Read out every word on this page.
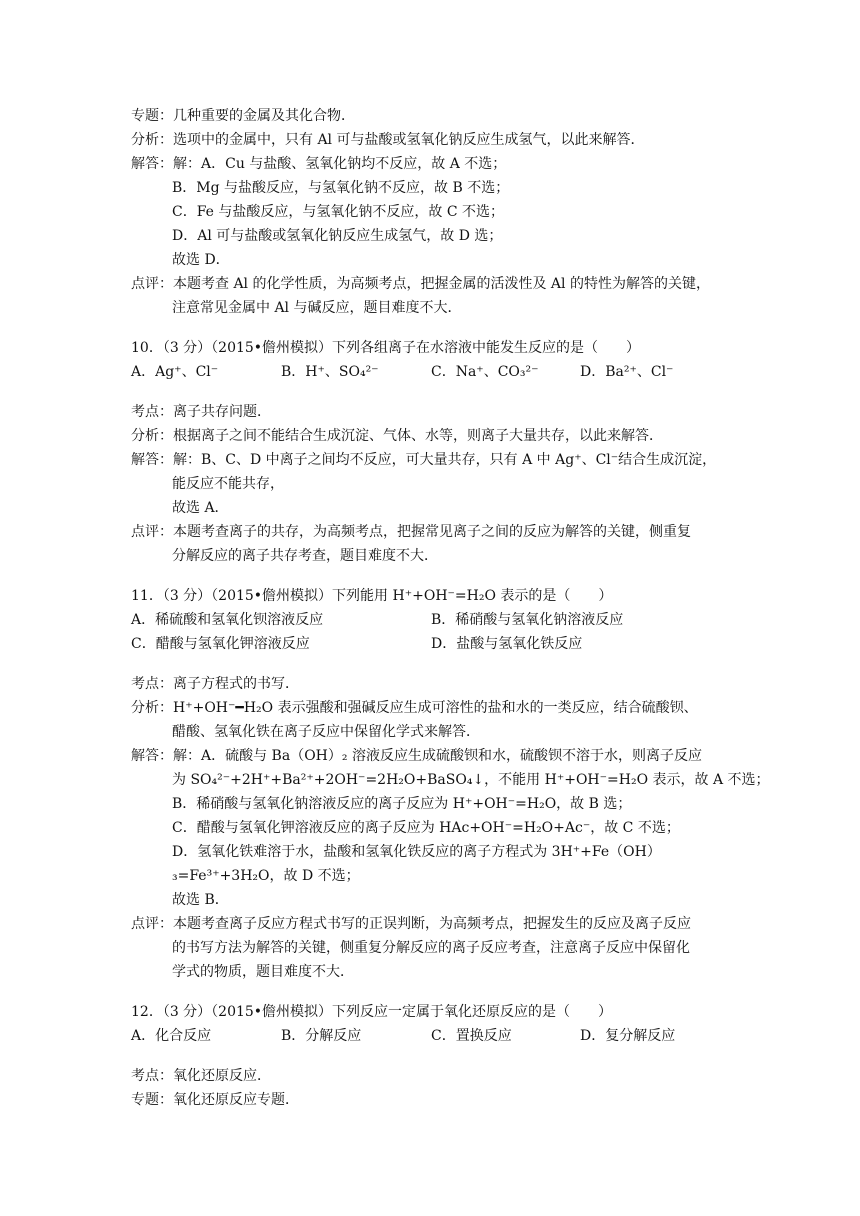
专题：几种重要的金属及其化合物．
分析：选项中的金属中，只有 Al 可与盐酸或氢氧化钠反应生成氢气，以此来解答．
解答：解：A．Cu 与盐酸、氢氧化钠均不反应，故 A 不选；
B．Mg 与盐酸反应，与氢氧化钠不反应，故 B 不选；
C．Fe 与盐酸反应，与氢氧化钠不反应，故 C 不选；
D．Al 可与盐酸或氢氧化钠反应生成氢气，故 D 选；
故选 D．
点评：本题考查 Al 的化学性质，为高频考点，把握金属的活泼性及 Al 的特性为解答的关键，
注意常见金属中 Al 与碱反应，题目难度不大．
10．（3 分）（2015•儋州模拟）下列各组离子在水溶液中能发生反应的是（　　）
A．Ag⁺、Cl⁻	B．H⁺、SO₄²⁻	C．Na⁺、CO₃²⁻	D．Ba²⁺、Cl⁻
考点：离子共存问题．
分析：根据离子之间不能结合生成沉淀、气体、水等，则离子大量共存，以此来解答．
解答：解：B、C、D 中离子之间均不反应，可大量共存，只有 A 中 Ag⁺、Cl⁻结合生成沉淀，
能反应不能共存，
故选 A．
点评：本题考查离子的共存，为高频考点，把握常见离子之间的反应为解答的关键，侧重复
分解反应的离子共存考查，题目难度不大．
11．（3 分）（2015•儋州模拟）下列能用 H⁺+OH⁻=H₂O 表示的是（　　）
A．稀硫酸和氢氧化钡溶液反应	B．稀硝酸与氢氧化钠溶液反应
C．醋酸与氢氧化钾溶液反应	D．盐酸与氢氧化铁反应
考点：离子方程式的书写．
分析：H⁺+OH⁻━H₂O 表示强酸和强碱反应生成可溶性的盐和水的一类反应，结合硫酸钡、
醋酸、氢氧化铁在离子反应中保留化学式来解答．
解答：解：A．硫酸与 Ba（OH）₂ 溶液反应生成硫酸钡和水，硫酸钡不溶于水，则离子反应
为 SO₄²⁻+2H⁺+Ba²⁺+2OH⁻=2H₂O+BaSO₄↓，不能用 H⁺+OH⁻=H₂O 表示，故 A 不选；
B．稀硝酸与氢氧化钠溶液反应的离子反应为 H⁺+OH⁻=H₂O，故 B 选；
C．醋酸与氢氧化钾溶液反应的离子反应为 HAc+OH⁻=H₂O+Ac⁻，故 C 不选；
D．氢氧化铁难溶于水，盐酸和氢氧化铁反应的离子方程式为 3H⁺+Fe（OH）
₃=Fe³⁺+3H₂O，故 D 不选；
故选 B．
点评：本题考查离子反应方程式书写的正误判断，为高频考点，把握发生的反应及离子反应
的书写方法为解答的关键，侧重复分解反应的离子反应考查，注意离子反应中保留化
学式的物质，题目难度不大．
12．（3 分）（2015•儋州模拟）下列反应一定属于氧化还原反应的是（　　）
A．化合反应	B．分解反应	C．置换反应	D．复分解反应
考点：氧化还原反应．
专题：氧化还原反应专题．
